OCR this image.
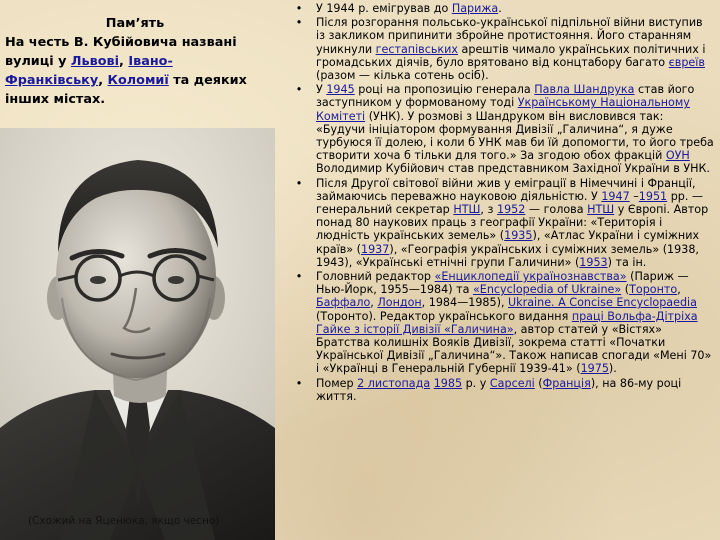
Пам’ять
На честь В. Кубійовича названі вулиці у Львові, Івано-Франківську, Коломиї та деяких інших містах.
(Схожий на Яценюка, якщо чесно)
• У 1944 р. емігрував до Парижа.
• Після розгорання польсько-української підпільної війни виступив із закликом припинити збройне протистояння. Його старанням уникнули гестапівських арештів чимало українських політичних і громадських діячів, було врятовано від концтабору багато євреїв (разом — кілька сотень осіб).
• У 1945 році на пропозицію генерала Павла Шандрука став його заступником у формованому тоді Українському Національному Комітеті (УНК). У розмові з Шандруком він висловився так: «Будучи ініціатором формування Дивізії „Галичина“, я дуже турбуюся її долею, і коли б УНК мав би їй допомогти, то його треба створити хоча б тільки для того.» За згодою обох фракцій ОУН Володимир Кубійович став представником Західної України в УНК.
• Після Другої світової війни жив у еміграції в Німеччині і Франції, займаючись переважно науковою діяльністю. У 1947 –1951 рр. — генеральний секретар НТШ, з 1952 — голова НТШ у Європі. Автор понад 80 наукових праць з географії України: «Територія і людність українських земель» (1935), «Атлас України і суміжних країв» (1937), «Географія українських і суміжних земель» (1938, 1943), «Українські етнічні групи Галичини» (1953) та ін.
• Головний редактор «Енциклопедії українознавства» (Париж — Нью-Йорк, 1955—1984) та «Encyclopedia of Ukraine» (Торонто, Баффало, Лондон, 1984—1985), Ukraine. A Concise Encyclopaedia (Торонто). Редактор українського видання праці Вольфа-Дітріха Гайке з історії Дивізії «Галичина», автор статей у «Вістях» Братства колишніх Вояків Дивізії, зокрема статті «Початки Української Дивізії „Галичина“». Також написав спогади «Мені 70» і «Українці в Генеральній Губернії 1939-41» (1975).
• Помер 2 листопада 1985 р. у Сарселі (Франція), на 86-му році життя.
